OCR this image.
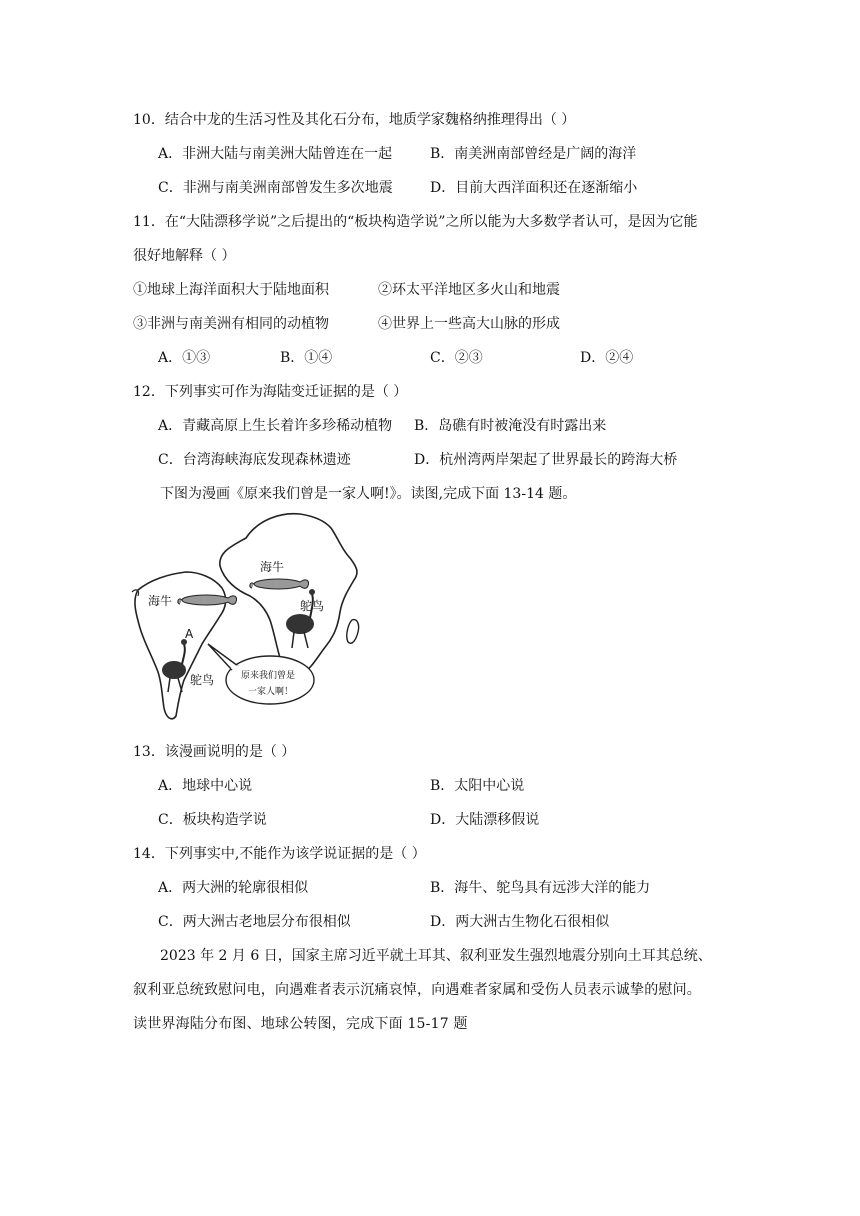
10．结合中龙的生活习性及其化石分布，地质学家魏格纳推理得出（ ）
A．非洲大陆与南美洲大陆曾连在一起	B．南美洲南部曾经是广阔的海洋
C．非洲与南美洲南部曾发生多次地震	D．目前大西洋面积还在逐渐缩小
11．在“大陆漂移学说”之后提出的“板块构造学说”之所以能为大多数学者认可，是因为它能
很好地解释（ ）
①地球上海洋面积大于陆地面积	②环太平洋地区多火山和地震
③非洲与南美洲有相同的动植物	④世界上一些高大山脉的形成
A．①③	B．①④	C．②③	D．②④
12．下列事实可作为海陆变迁证据的是（ ）
A．青藏高原上生长着许多珍稀动植物 B．岛礁有时被淹没有时露出来
C．台湾海峡海底发现森林遗迹	D．杭州湾两岸架起了世界最长的跨海大桥
下图为漫画《原来我们曾是一家人啊!》。读图,完成下面 13-14 题。
海牛
海牛	鸵鸟
鸵鸟
A
原来我们曾是
一家人啊！
13．该漫画说明的是（ ）
A．地球中心说	B．太阳中心说
C．板块构造学说	D．大陆漂移假说
14．下列事实中,不能作为该学说证据的是（ ）
A．两大洲的轮廓很相似	B．海牛、鸵鸟具有远涉大洋的能力
C．两大洲古老地层分布很相似	D．两大洲古生物化石很相似
2023 年 2 月 6 日，国家主席习近平就土耳其、叙利亚发生强烈地震分别向土耳其总统、
叙利亚总统致慰问电，向遇难者表示沉痛哀悼，向遇难者家属和受伤人员表示诚挚的慰问。
读世界海陆分布图、地球公转图，完成下面 15-17 题
